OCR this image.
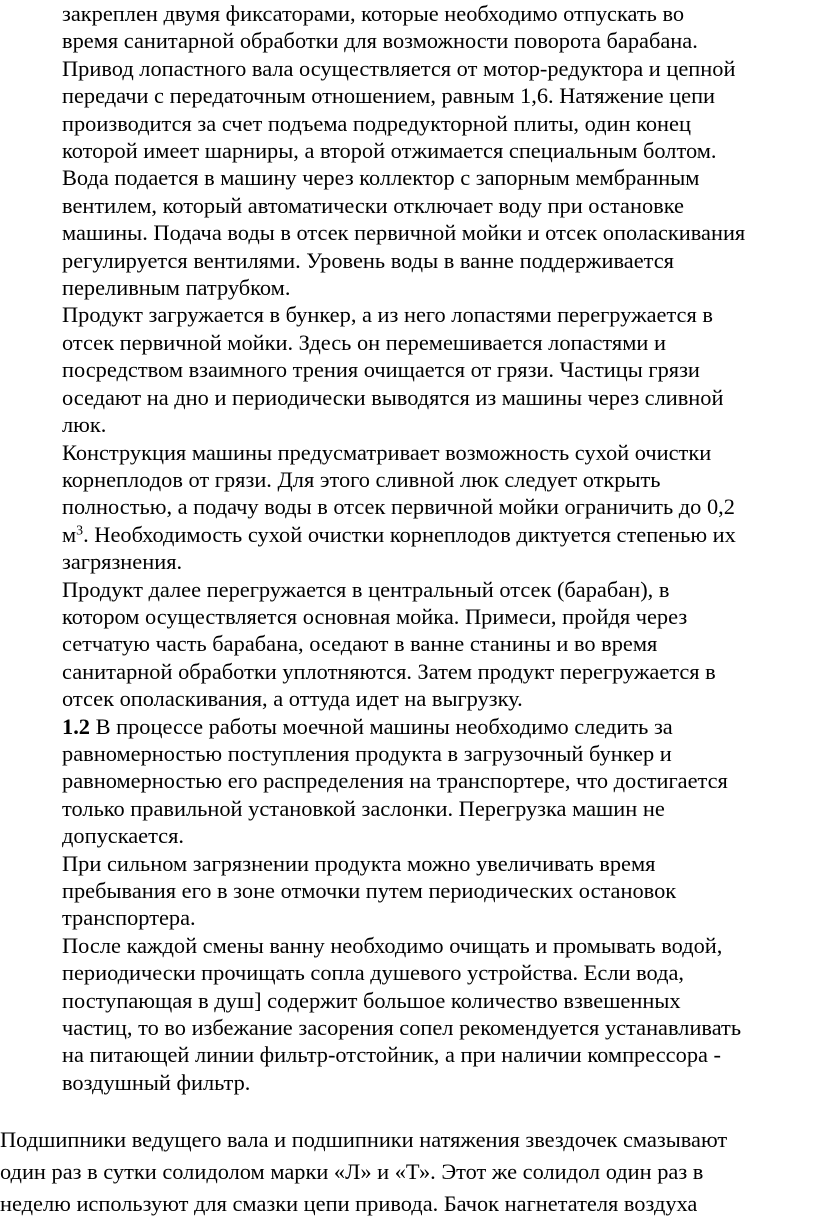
закреплен двумя фиксаторами, которые необходимо отпускать во
время санитарной обработки для возможности поворота барабана.
Привод лопастного вала осуществляется от мотор-редуктора и цепной
передачи с передаточным отношением, равным 1,6. Натяжение цепи
производится за счет подъема подредукторной плиты, один конец
которой имеет шарниры, а второй отжимается специальным болтом.
Вода подается в машину через коллектор с запорным мембранным
вентилем, который автоматически отключает воду при остановке
машины. Подача воды в отсек первичной мойки и отсек ополаскивания
регулируется вентилями. Уровень воды в ванне поддерживается
переливным патрубком.

Продукт загружается в бункер, а из него лопастями перегружается в
отсек первичной мойки. Здесь он перемешивается лопастями и
посредством взаимного трения очищается от грязи. Частицы грязи
оседают на дно и периодически выводятся из машины через сливной
люк.

Конструкция машины предусматривает возможность сухой очистки
корнеплодов от грязи. Для этого сливной люк следует открыть
полностью, а подачу воды в отсек первичной мойки ограничить до 0,2
$м^3$. Необходимость сухой очистки корнеплодов диктуется степенью их
загрязнения.

Продукт далее перегружается в центральный отсек (барабан), в
котором осуществляется основная мойка. Примеси, пройдя через
сетчатую часть барабана, оседают в ванне станины и во время
санитарной обработки уплотняются. Затем продукт перегружается в
отсек ополаскивания, а оттуда идет на выгрузку.

1.2 В процессе работы моечной машины необходимо следить за
равномерностью поступления продукта в загрузочный бункер и
равномерностью его распределения на транспортере, что достигается
только правильной установкой заслонки. Перегрузка машин не
допускается.

При сильном загрязнении продукта можно увеличивать время
пребывания его в зоне отмочки путем периодических остановок
транспортера.

После каждой смены ванну необходимо очищать и промывать водой,
периодически прочищать сопла душевого устройства. Если вода,
поступающая в душ] содержит большое количество взвешенных
частиц, то во избежание засорения сопел рекомендуется устанавливать
на питающей линии фильтр-отстойник, а при наличии компрессора -
воздушный фильтр.

Подшипники ведущего вала и подшипники натяжения звездочек смазывают
один раз в сутки солидолом марки «Л» и «Т». Этот же солидол один раз в
неделю используют для смазки цепи привода. Бачок нагнетателя воздуха
